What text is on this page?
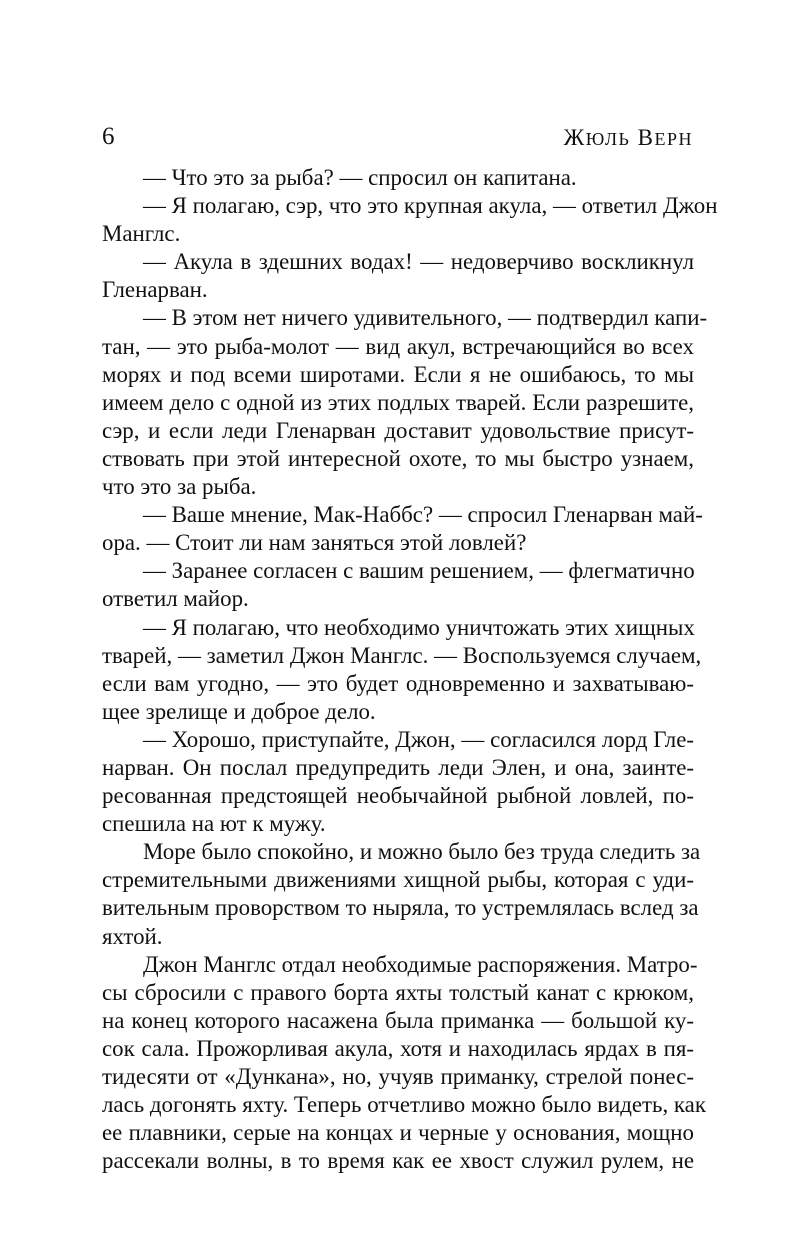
6	ЖЮЛЬ ВЕРН
— Что это за рыба? — спросил он капитана.
— Я полагаю, сэр, что это крупная акула, — ответил Джон
Манглс.
— Акула в здешних водах! — недоверчиво воскликнул
Гленарван.
— В этом нет ничего удивительного, — подтвердил капи-
тан, — это рыба-молот — вид акул, встречающийся во всех
морях и под всеми широтами. Если я не ошибаюсь, то мы
имеем дело с одной из этих подлых тварей. Если разрешите,
сэр, и если леди Гленарван доставит удовольствие присут-
ствовать при этой интересной охоте, то мы быстро узнаем,
что это за рыба.
— Ваше мнение, Мак-Наббс? — спросил Гленарван май-
ора. — Стоит ли нам заняться этой ловлей?
— Заранее согласен с вашим решением, — флегматично
ответил майор.
— Я полагаю, что необходимо уничтожать этих хищных
тварей, — заметил Джон Манглс. — Воспользуемся случаем,
если вам угодно, — это будет одновременно и захватываю-
щее зрелище и доброе дело.
— Хорошо, приступайте, Джон, — согласился лорд Гле-
нарван. Он послал предупредить леди Элен, и она, заинте-
ресованная предстоящей необычайной рыбной ловлей, по-
спешила на ют к мужу.
Море было спокойно, и можно было без труда следить за
стремительными движениями хищной рыбы, которая с уди-
вительным проворством то ныряла, то устремлялась вслед за
яхтой.
Джон Манглс отдал необходимые распоряжения. Матро-
сы сбросили с правого борта яхты толстый канат с крюком,
на конец которого насажена была приманка — большой ку-
сок сала. Прожорливая акула, хотя и находилась ярдах в пя-
тидесяти от «Дункана», но, учуяв приманку, стрелой понес-
лась догонять яхту. Теперь отчетливо можно было видеть, как
ее плавники, серые на концах и черные у основания, мощно
рассекали волны, в то время как ее хвост служил рулем, не
